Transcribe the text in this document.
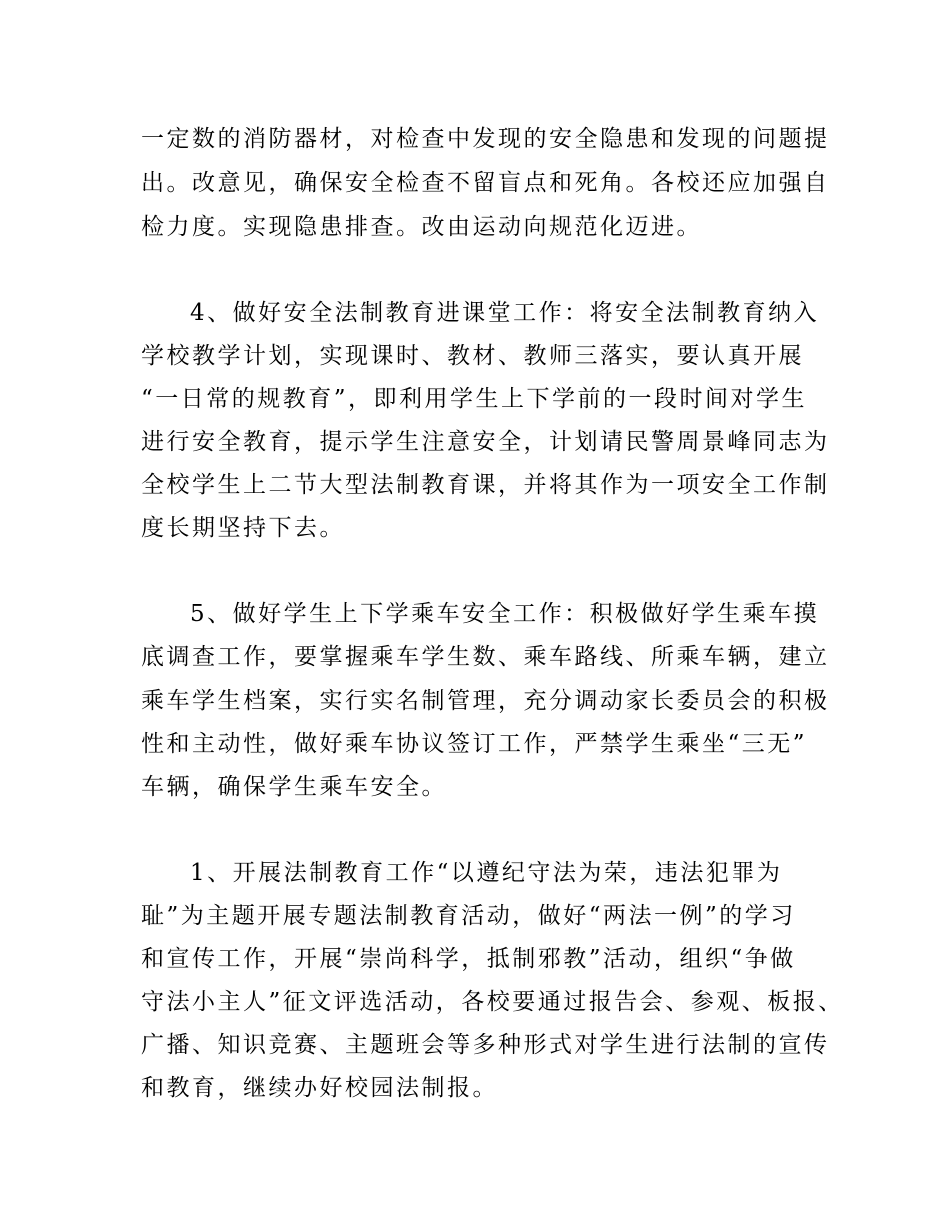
一定数的消防器材，对检查中发现的安全隐患和发现的问题提

出。改意见，确保安全检查不留盲点和死角。各校还应加强自

检力度。实现隐患排查。改由运动向规范化迈进。

4、做好安全法制教育进课堂工作：将安全法制教育纳入

学校教学计划，实现课时、教材、教师三落实，要认真开展

“一日常的规教育”，即利用学生上下学前的一段时间对学生

进行安全教育，提示学生注意安全，计划请民警周景峰同志为

全校学生上二节大型法制教育课，并将其作为一项安全工作制

度长期坚持下去。

5、做好学生上下学乘车安全工作：积极做好学生乘车摸

底调查工作，要掌握乘车学生数、乘车路线、所乘车辆，建立

乘车学生档案，实行实名制管理，充分调动家长委员会的积极

性和主动性，做好乘车协议签订工作，严禁学生乘坐“三无”

车辆，确保学生乘车安全。

1、开展法制教育工作“以遵纪守法为荣，违法犯罪为

耻”为主题开展专题法制教育活动，做好“两法一例”的学习

和宣传工作，开展“崇尚科学，抵制邪教”活动，组织“争做

守法小主人”征文评选活动，各校要通过报告会、参观、板报、

广播、知识竞赛、主题班会等多种形式对学生进行法制的宣传

和教育，继续办好校园法制报。
